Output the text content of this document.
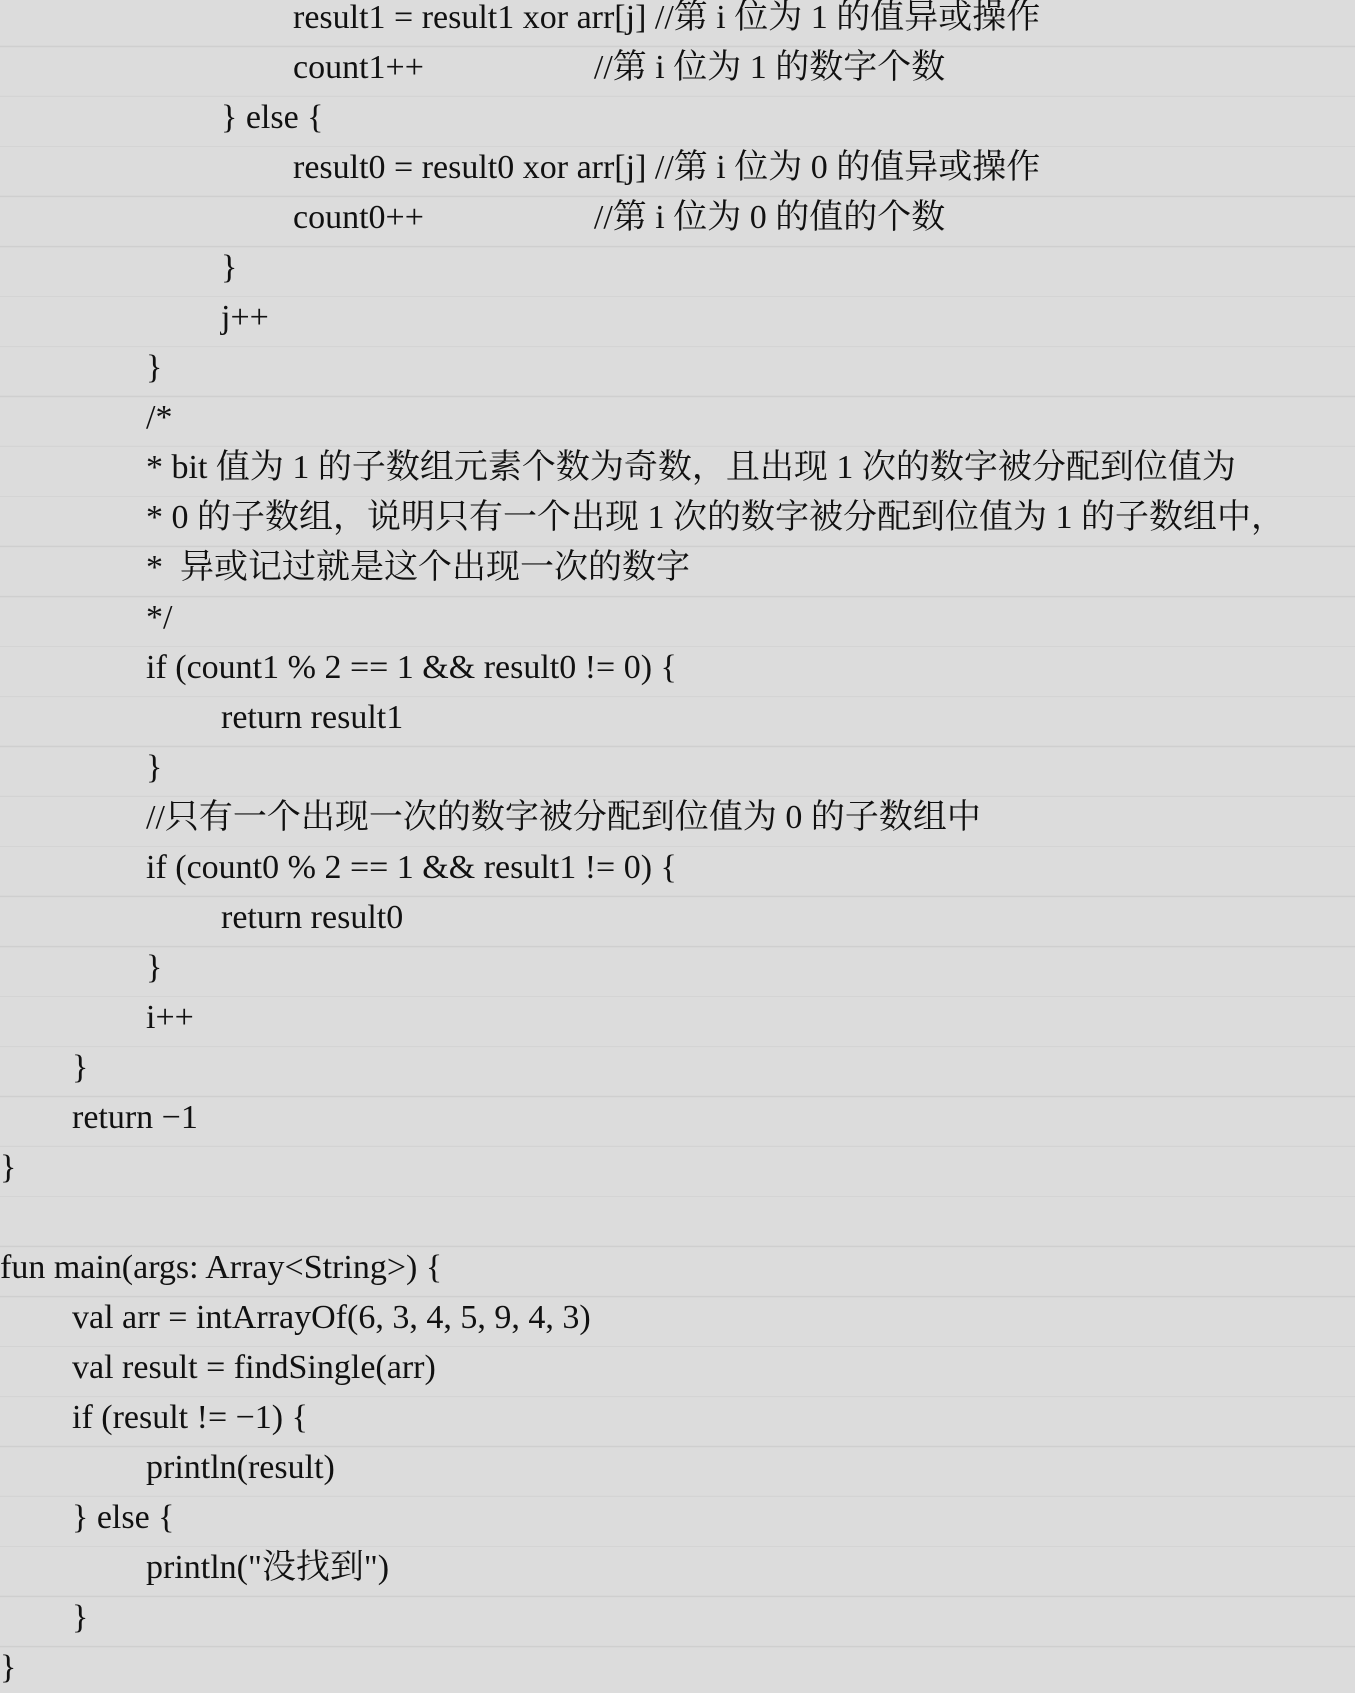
result1 = result1 xor arr[j] //第 i 位为 1 的值异或操作
count1++                    //第 i 位为 1 的数字个数
} else {
result0 = result0 xor arr[j] //第 i 位为 0 的值异或操作
count0++                    //第 i 位为 0 的值的个数
}
j++
}
/*
* bit 值为 1 的子数组元素个数为奇数，且出现 1 次的数字被分配到位值为
* 0 的子数组，说明只有一个出现 1 次的数字被分配到位值为 1 的子数组中，
*  异或记过就是这个出现一次的数字
*/
if (count1 % 2 == 1 && result0 != 0) {
return result1
}
//只有一个出现一次的数字被分配到位值为 0 的子数组中
if (count0 % 2 == 1 && result1 != 0) {
return result0
}
i++
}
return −1
}
fun main(args: Array<String>) {
val arr = intArrayOf(6, 3, 4, 5, 9, 4, 3)
val result = findSingle(arr)
if (result != −1) {
println(result)
} else {
println("没找到")
}
}
